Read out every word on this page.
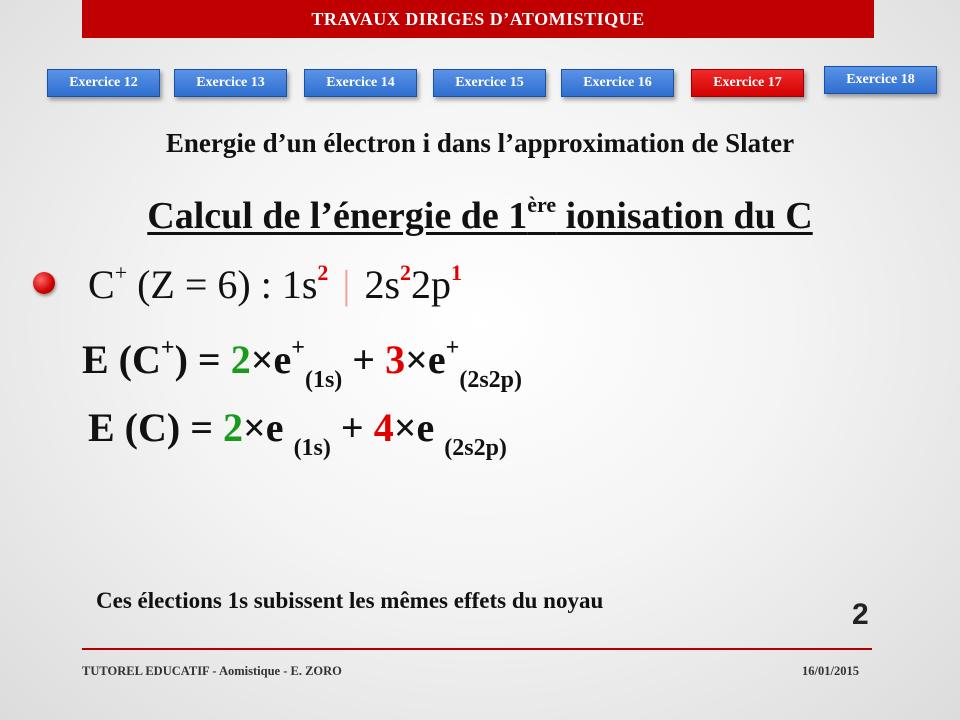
TRAVAUX DIRIGES D’ATOMISTIQUE
Exercice 12	Exercice 13	Exercice 14	Exercice 15	Exercice 16	Exercice 17	Exercice 18
Energie d’un électron i dans l’approximation de Slater
Calcul de l’énergie de 1ère ionisation du C
C+ (Z = 6) : $1s^2$ | $2s^22p^1$
E $(C^+) = 2\times e^+_{(1s)} + 3\times e^+_{(2s2p)}$
E (C) = 2×e $_{(1s)}$ + 4×e $_{(2s2p)}$
Ces élections 1s subissent les mêmes effets du noyau	2
TUTOREL EDUCATIF - Aomistique - E. ZORO	16/01/2015
